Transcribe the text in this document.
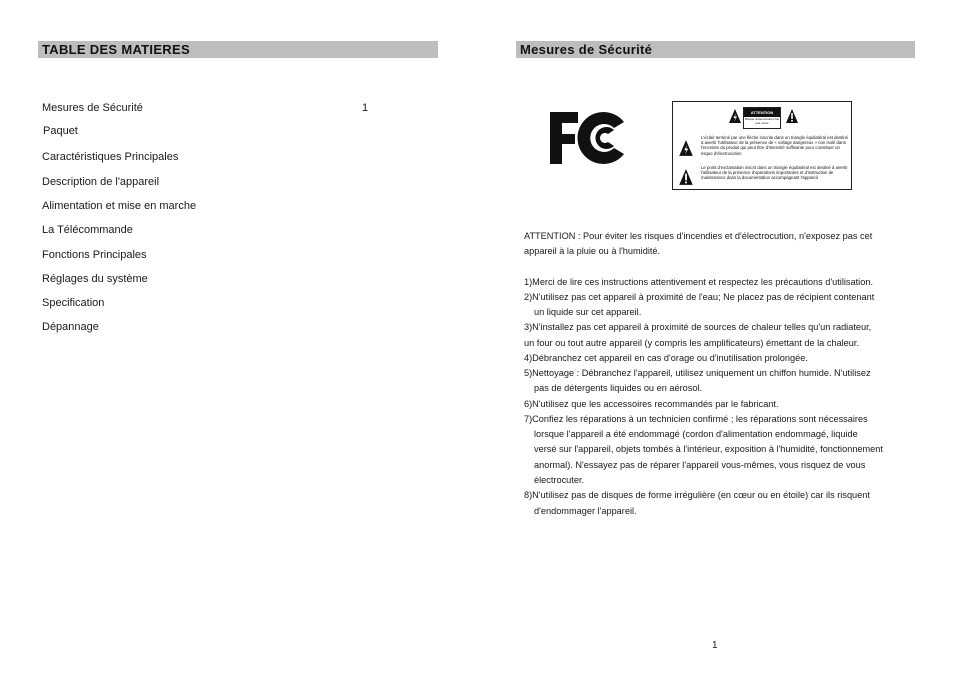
TABLE DES MATIERES
Mesures de Sécurité	1
Paquet
Caractéristiques Principales
Description de l'appareil
Alimentation et mise en marche
La Télécommande
Fonctions Principales
Réglages du système
Specification
Dépannage
Mesures de Sécurité
ATTENTION
Risque d'électrocution Ne pas ouvrir
L'éclair terminé par une flèche inscrite dans un triangle équilatéral est destiné à avertir l'utilisateur de la présence de « voltage dangereux » non isolé dans l'enceinte du produit qui peut être d'intensité suffisante pour constituer un risque d'électrocution
Le point d'exclamation inscrit dans un triangle équilatéral est destiné à avertir l'utilisateur de la présence d'opérations importantes et d'instruction de maintenance dans la documentation accompagnant l'appareil
ATTENTION : Pour éviter les risques d'incendies et d'électrocution, n'exposez pas cet
appareil à la pluie ou à l'humidité.
1)Merci de lire ces instructions attentivement et respectez les précautions d'utilisation.
2)N'utilisez pas cet appareil à proximité de l'eau; Ne placez pas de récipient contenant
un liquide sur cet appareil.
3)N'installez pas cet appareil à proximité de sources de chaleur telles qu'un radiateur,
un four ou tout autre appareil (y compris les amplificateurs) émettant de la chaleur.
4)Débranchez cet appareil en cas d'orage ou d'inutilisation prolongée.
5)Nettoyage : Débranchez l'appareil, utilisez uniquement un chiffon humide. N'utilisez
pas de détergents liquides ou en aérosol.
6)N'utilisez que les accessoires recommandés par le fabricant.
7)Confiez les réparations à un technicien confirmé ; les réparations sont nécessaires
lorsque l'appareil a été endommagé (cordon d'alimentation endommagé, liquide
versé sur l'appareil, objets tombés à l'intérieur, exposition à l'humidité, fonctionnement
anormal). N'essayez pas de réparer l'appareil vous-mêmes, vous risquez de vous
électrocuter.
8)N'utilisez pas de disques de forme irrégulière (en cœur ou en étoile) car ils risquent
d'endommager l'appareil.
1
